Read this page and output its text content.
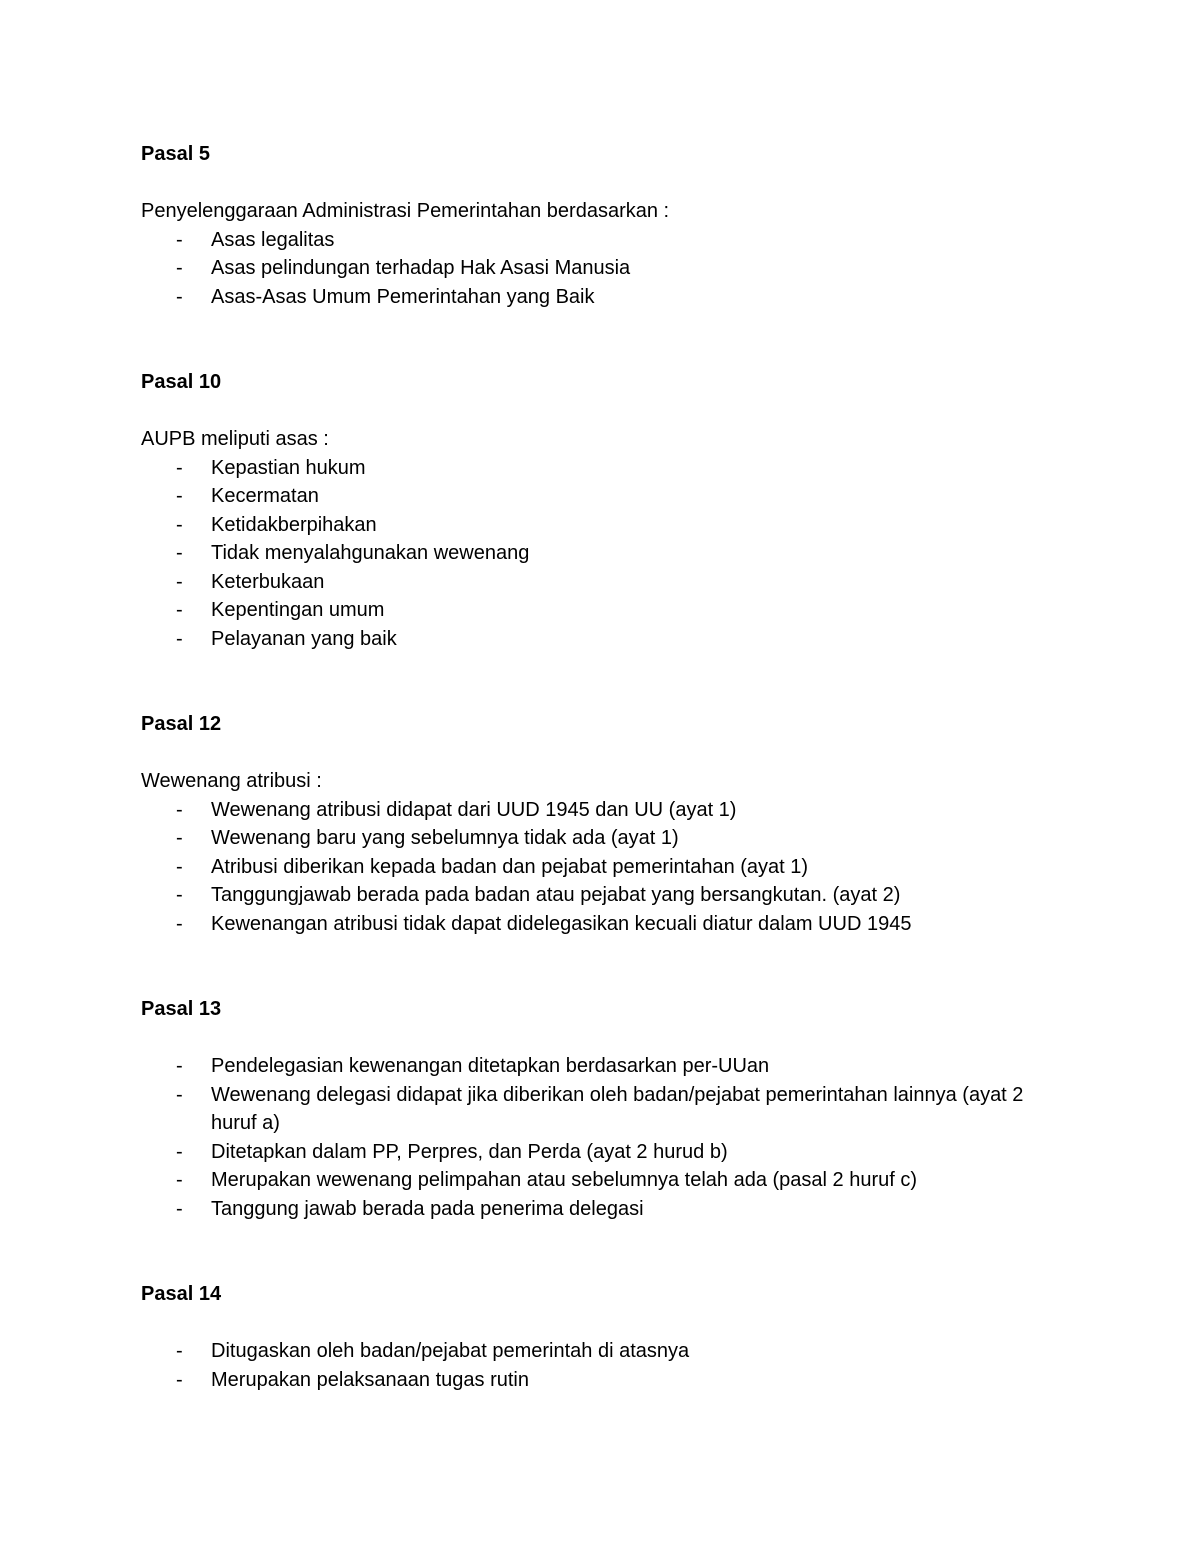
Pasal 5

Penyelenggaraan Administrasi Pemerintahan berdasarkan :

- Asas legalitas
- Asas pelindungan terhadap Hak Asasi Manusia
- Asas-Asas Umum Pemerintahan yang Baik

Pasal 10

AUPB meliputi asas :

- Kepastian hukum
- Kecermatan
- Ketidakberpihakan
- Tidak menyalahgunakan wewenang
- Keterbukaan
- Kepentingan umum
- Pelayanan yang baik

Pasal 12

Wewenang atribusi :

- Wewenang atribusi didapat dari UUD 1945 dan UU (ayat 1)
- Wewenang baru yang sebelumnya tidak ada (ayat 1)
- Atribusi diberikan kepada badan dan pejabat pemerintahan (ayat 1)
- Tanggungjawab berada pada badan atau pejabat yang bersangkutan. (ayat 2)
- Kewenangan atribusi tidak dapat didelegasikan kecuali diatur dalam UUD 1945

Pasal 13

- Pendelegasian kewenangan ditetapkan berdasarkan per-UUan
- Wewenang delegasi didapat jika diberikan oleh badan/pejabat pemerintahan lainnya (ayat 2 huruf a)
- Ditetapkan dalam PP, Perpres, dan Perda (ayat 2 hurud b)
- Merupakan wewenang pelimpahan atau sebelumnya telah ada (pasal 2 huruf c)
- Tanggung jawab berada pada penerima delegasi

Pasal 14

- Ditugaskan oleh badan/pejabat pemerintah di atasnya
- Merupakan pelaksanaan tugas rutin
